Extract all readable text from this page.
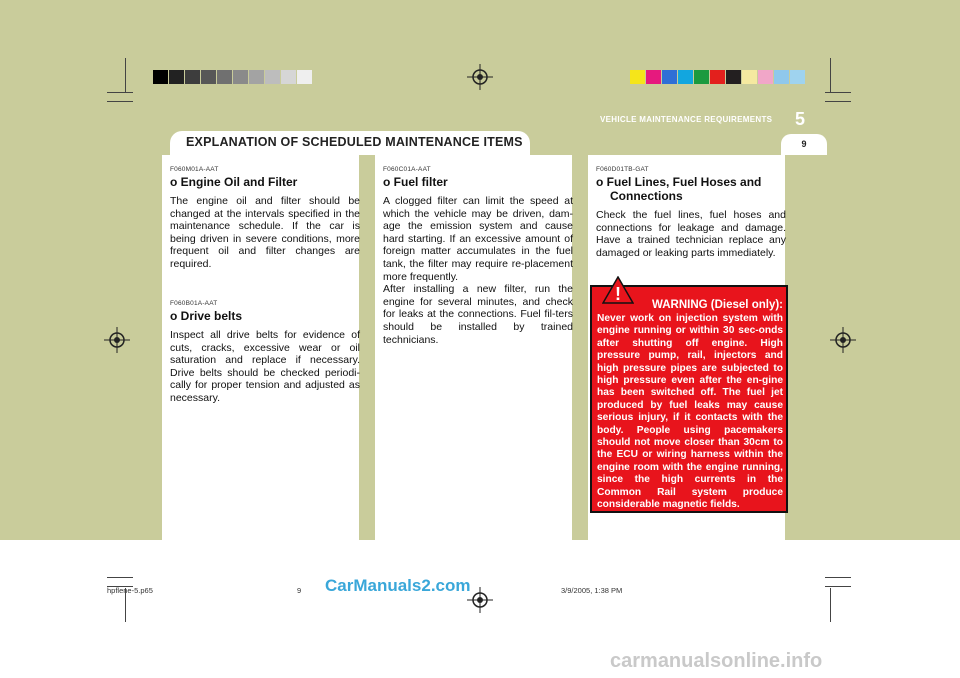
EXPLANATION OF SCHEDULED MAINTENANCE ITEMS
VEHICLE MAINTENANCE REQUIREMENTS 5
9

F060M01A-AAT

o Engine Oil and Filter

The engine oil and filter should be changed at the intervals specified in the maintenance schedule. If the car is being driven in severe conditions, more frequent oil and filter changes are required.

F060B01A-AAT

o Drive belts

Inspect all drive belts for evidence of cuts, cracks, excessive wear or oil saturation and replace if necessary. Drive belts should be checked periodi-cally for proper tension and adjusted as necessary.

F060C01A-AAT

o Fuel filter

A clogged filter can limit the speed at which the vehicle may be driven, dam-age the emission system and cause hard starting. If an excessive amount of foreign matter accumulates in the fuel tank, the filter may require re-placement more frequently.

After installing a new filter, run the engine for several minutes, and check for leaks at the connections. Fuel fil-ters should be installed by trained technicians.

F060D01TB-GAT

o Fuel Lines, Fuel Hoses and Connections

Check the fuel lines, fuel hoses and connections for leakage and damage. Have a trained technician replace any damaged or leaking parts immediately.

WARNING (Diesel only):

Never work on injection system with engine running or within 30 sec-onds after shutting off engine. High pressure pump, rail, injectors and high pressure pipes are subjected to high pressure even after the en-gine has been switched off. The fuel jet produced by fuel leaks may cause serious injury, if it contacts with the body. People using pacemakers should not move closer than 30cm to the ECU or wiring harness within the engine room with the engine running, since the high currents in the Common Rail system produce considerable magnetic fields.

!
hpflene-5.p65	9	3/9/2005, 1:38 PM
CarManuals2.com
carmanualsonline.info
